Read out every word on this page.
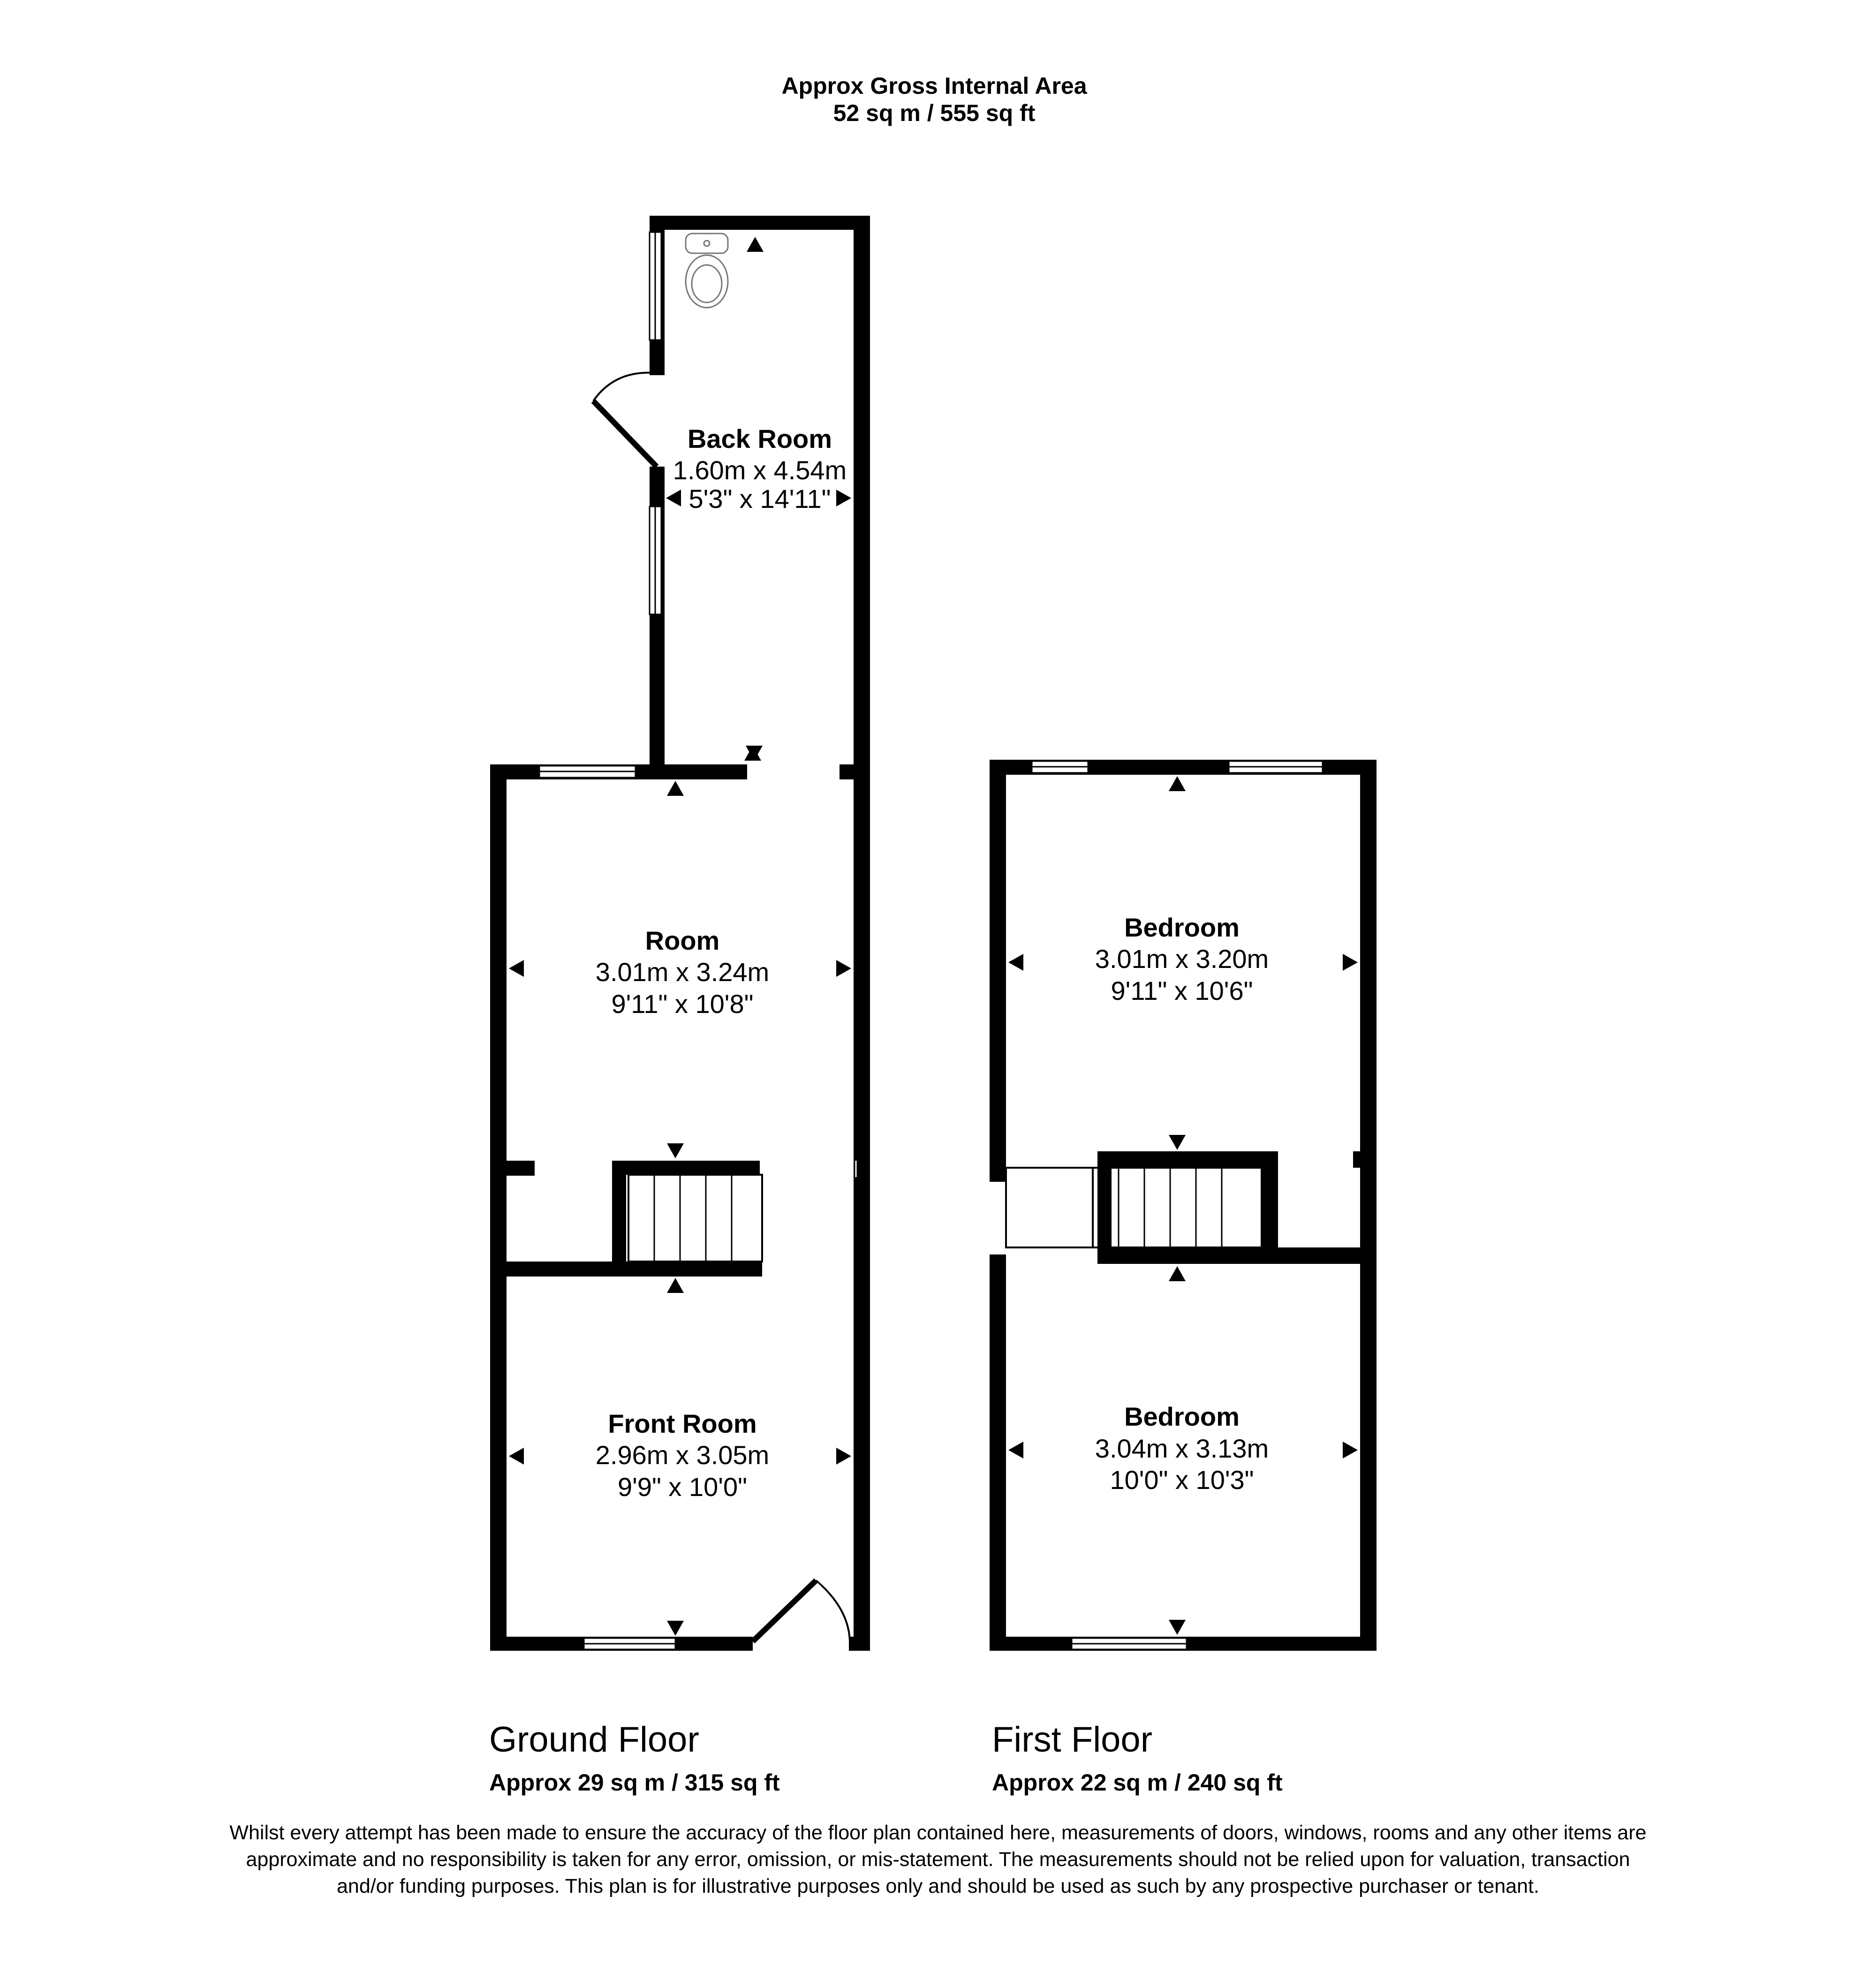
Approx Gross Internal Area
52 sq m / 555 sq ft
Back Room
1.60m x 4.54m
5'3" x 14'11"
Room
3.01m x 3.24m
9'11" x 10'8"
Front Room
2.96m x 3.05m
9'9" x 10'0"
Bedroom
3.01m x 3.20m
9'11" x 10'6"
Bedroom
3.04m x 3.13m
10'0" x 10'3"
Ground Floor
Approx 29 sq m / 315 sq ft
First Floor
Approx 22 sq m / 240 sq ft
Whilst every attempt has been made to ensure the accuracy of the floor plan contained here, measurements of doors, windows, rooms and any other items are approximate and no responsibility is taken for any error, omission, or mis-statement. The measurements should not be relied upon for valuation, transaction and/or funding purposes. This plan is for illustrative purposes only and should be used as such by any prospective purchaser or tenant.
